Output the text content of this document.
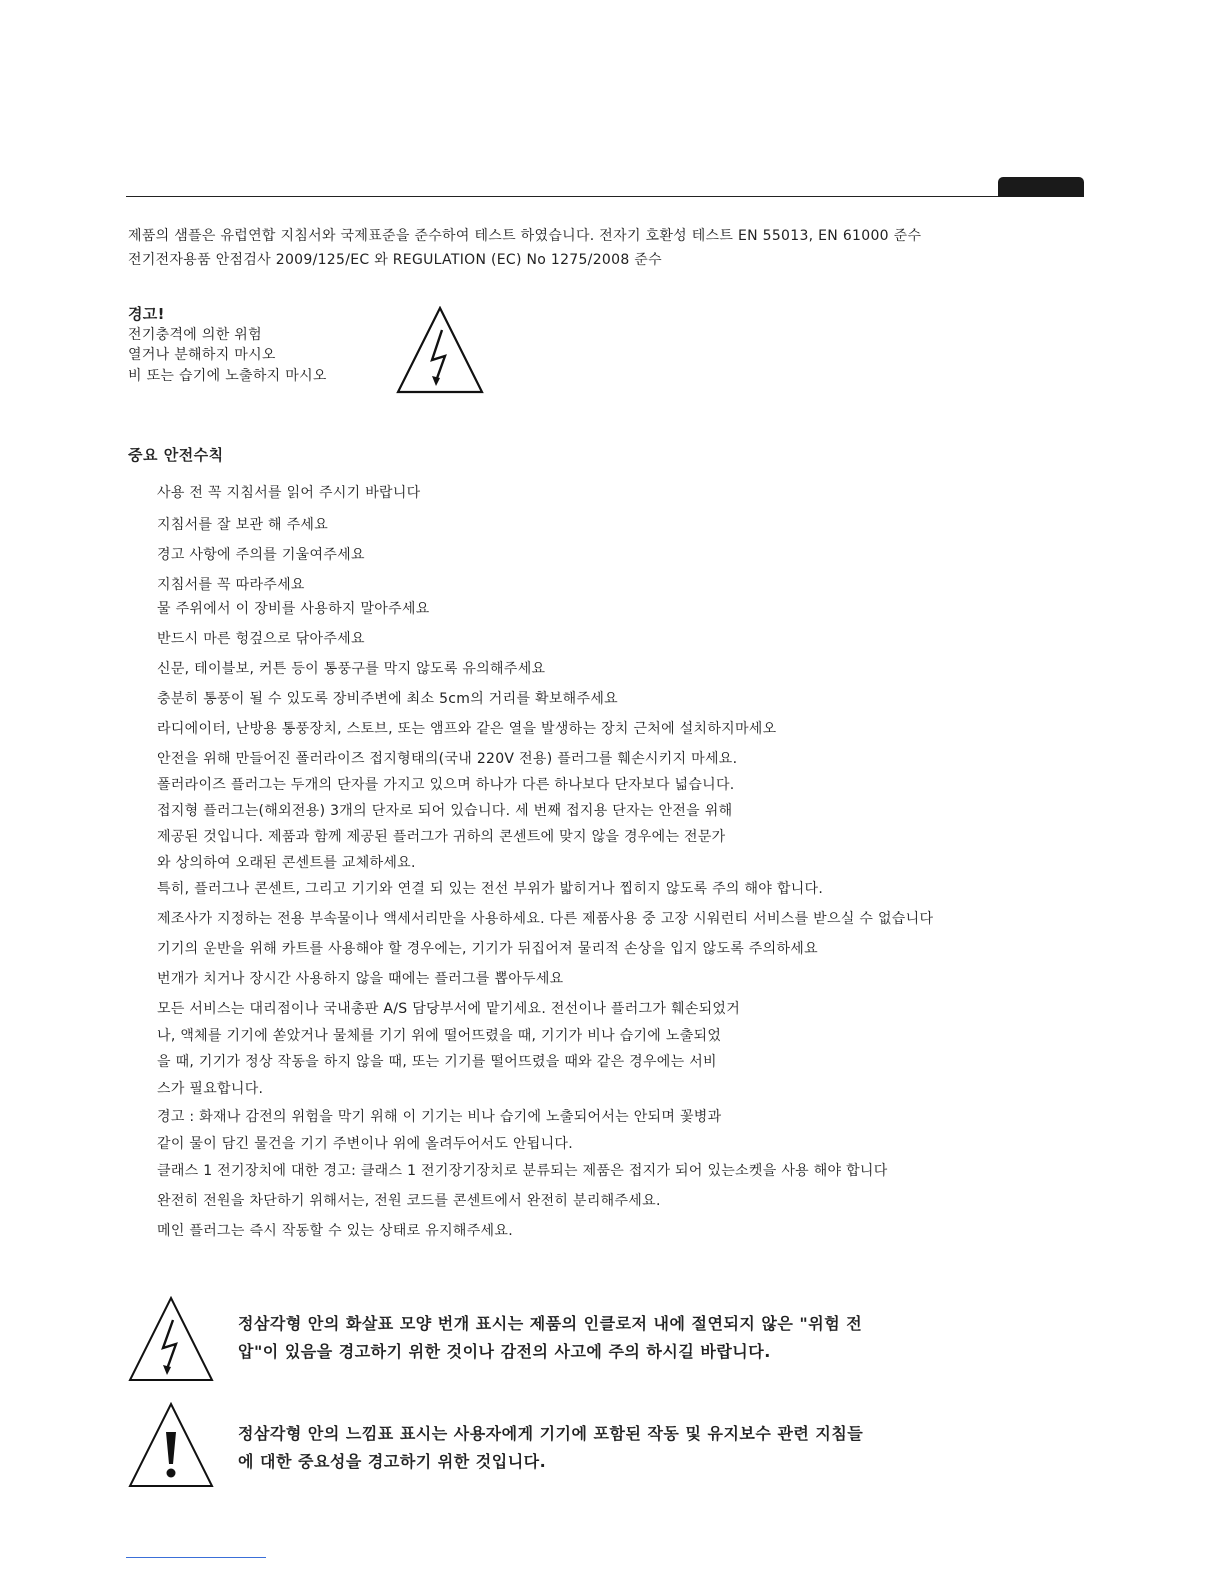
제품의 샘플은 유럽연합 지침서와 국제표준을 준수하여 테스트 하였습니다. 전자기 호환성 테스트 EN 55013, EN 61000 준수
전기전자용품 안점검사 2009/125/EC 와 REGULATION (EC) No 1275/2008 준수
경고!
전기충격에 의한 위험
열거나 분해하지 마시오
비 또는 습기에 노출하지 마시오
중요 안전수칙
사용 전 꼭 지침서를 읽어 주시기 바랍니다
지침서를 잘 보관 해 주세요
경고 사항에 주의를 기울여주세요
지침서를 꼭 따라주세요
물 주위에서 이 장비를 사용하지 말아주세요
반드시 마른 헝겊으로 닦아주세요
신문, 테이블보, 커튼 등이 통풍구를 막지 않도록 유의해주세요
충분히 통풍이 될 수 있도록 장비주변에 최소 5cm의 거리를 확보해주세요
라디에이터, 난방용 통풍장치, 스토브, 또는 앰프와 같은 열을 발생하는 장치 근처에 설치하지마세오
안전을 위해 만들어진 폴러라이즈 접지형태의(국내 220V 전용) 플러그를 훼손시키지 마세요.
폴러라이즈 플러그는 두개의 단자를 가지고 있으며 하나가 다른 하나보다 단자보다 넓습니다.
접지형 플러그는(해외전용) 3개의 단자로 되어 있습니다. 세 번째 접지용 단자는 안전을 위해
제공된 것입니다. 제품과 함께 제공된 플러그가 귀하의 콘센트에 맞지 않을 경우에는 전문가
와 상의하여 오래된 콘센트를 교체하세요.
특히, 플러그나 콘센트, 그리고 기기와 연결 되 있는 전선 부위가 밟히거나 찝히지 않도록 주의 해야 합니다.
제조사가 지정하는 전용 부속물이나 액세서리만을 사용하세요. 다른 제품사용 중 고장 시워런티 서비스를 받으실 수 없습니다
기기의 운반을 위해 카트를 사용해야 할 경우에는, 기기가 뒤집어져 물리적 손상을 입지 않도록 주의하세요
번개가 치거나 장시간 사용하지 않을 때에는 플러그를 뽑아두세요
모든 서비스는 대리점이나 국내총판 A/S 담당부서에 맡기세요. 전선이나 플러그가 훼손되었거
나, 액체를 기기에 쏟았거나 물체를 기기 위에 떨어뜨렸을 때, 기기가 비나 습기에 노출되었
을 때, 기기가 정상 작동을 하지 않을 때, 또는 기기를 떨어뜨렸을 때와 같은 경우에는 서비
스가 필요합니다.
경고 : 화재나 감전의 위험을 막기 위해 이 기기는 비나 습기에 노출되어서는 안되며 꽃병과
같이 물이 담긴 물건을 기기 주변이나 위에 올려두어서도 안됩니다.
클래스 1 전기장치에 대한 경고: 클래스 1 전기장기장치로 분류되는 제품은 접지가 되어 있는소켓을 사용 해야 합니다
완전히 전원을 차단하기 위해서는, 전원 코드를 콘센트에서 완전히 분리해주세요.
메인 플러그는 즉시 작동할 수 있는 상태로 유지해주세요.
정삼각형 안의 화살표 모양 번개 표시는 제품의 인클로저 내에 절연되지 않은 "위험 전
압"이 있음을 경고하기 위한 것이나 감전의 사고에 주의 하시길 바랍니다.
정삼각형 안의 느낌표 표시는 사용자에게 기기에 포함된 작동 및 유지보수 관련 지침들
에 대한 중요성을 경고하기 위한 것입니다.
